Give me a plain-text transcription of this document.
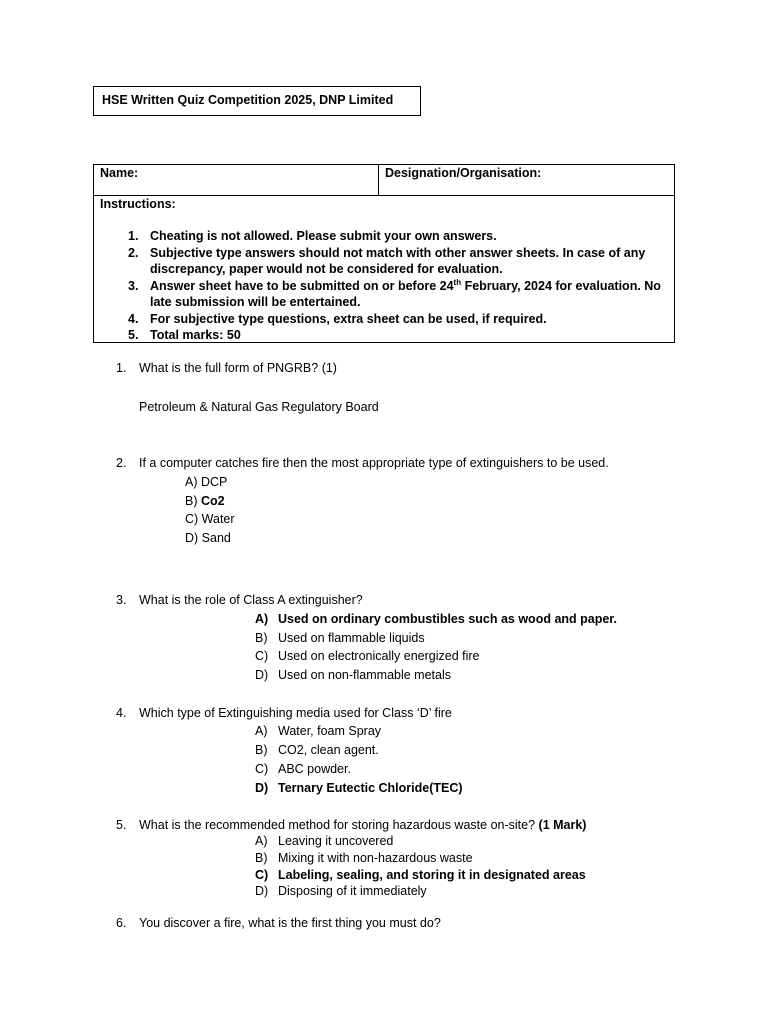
HSE Written Quiz Competition 2025, DNP Limited
Name:	Designation/Organisation:
Instructions:
1. Cheating is not allowed. Please submit your own answers.
2. Subjective type answers should not match with other answer sheets. In case of any discrepancy, paper would not be considered for evaluation.
3. Answer sheet have to be submitted on or before 24th February, 2024 for evaluation. No late submission will be entertained.
4. For subjective type questions, extra sheet can be used, if required.
5. Total marks: 50
1. What is the full form of PNGRB? (1)
Petroleum & Natural Gas Regulatory Board
2. If a computer catches fire then the most appropriate type of extinguishers to be used.
A) DCP
B) Co2
C) Water
D) Sand
3. What is the role of Class A extinguisher?
A) Used on ordinary combustibles such as wood and paper.
B) Used on flammable liquids
C) Used on electronically energized fire
D) Used on non-flammable metals
4. Which type of Extinguishing media used for Class ‘D’ fire
A) Water, foam Spray
B) CO2, clean agent.
C) ABC powder.
D) Ternary Eutectic Chloride(TEC)
5. What is the recommended method for storing hazardous waste on-site? (1 Mark)
A) Leaving it uncovered
B) Mixing it with non-hazardous waste
C) Labeling, sealing, and storing it in designated areas
D) Disposing of it immediately
6. You discover a fire, what is the first thing you must do?
